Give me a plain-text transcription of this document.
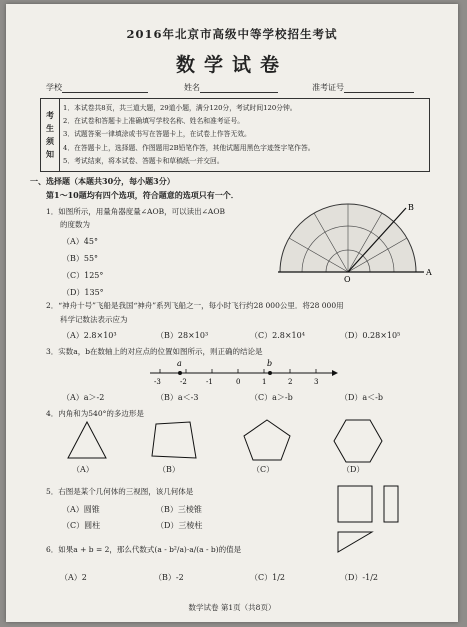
2016年北京市高级中等学校招生考试
数学试卷
学校	姓名	准考证号
考
生
须
知
1．本试卷共8页，共三道大题，29道小题，满分120分，考试时间120分钟。
2．在试卷和答题卡上准确填写学校名称、姓名和准考证号。
3．试题答案一律填涂或书写在答题卡上，在试卷上作答无效。
4．在答题卡上，选择题、作图题用2B铅笔作答，其他试题用黑色字迹签字笔作答。
5．考试结束，将本试卷、答题卡和草稿纸一并交回。
一、选择题（本题共30分，每小题3分）
第1～10题均有四个选项，符合题意的选项只有一个．
1．如图所示，用量角器度量∠AOB，可以读出∠AOB
的度数为
（A）45°
（B）55°
（C）125°
（D）135°
B
O
A
2．“神舟十号”飞船是我国“神舟”系列飞船之一，每小时飞行约28 000公里．将28 000用
科学记数法表示应为
（A）2.8×10³	（B）28×10³	（C）2.8×10⁴	（D）0.28×10⁵
3．实数a，b在数轴上的对应点的位置如图所示，则正确的结论是
a	b
-3	-2	-1	0	1	2	3
（A）a＞-2	（B）a＜-3	（C）a＞-b	（D）a＜-b
4．内角和为540°的多边形是
（A）	（B）	（C）	（D）
5．右图是某个几何体的三视图，该几何体是
（A）圆锥	（B）三棱锥
（C）圆柱	（D）三棱柱
6．如果a + b = 2，那么代数式(a - b²/a)·a/(a - b)的值是
（A）2	（B）-2	（C）1/2	（D）-1/2
数学试卷 第1页（共8页）
